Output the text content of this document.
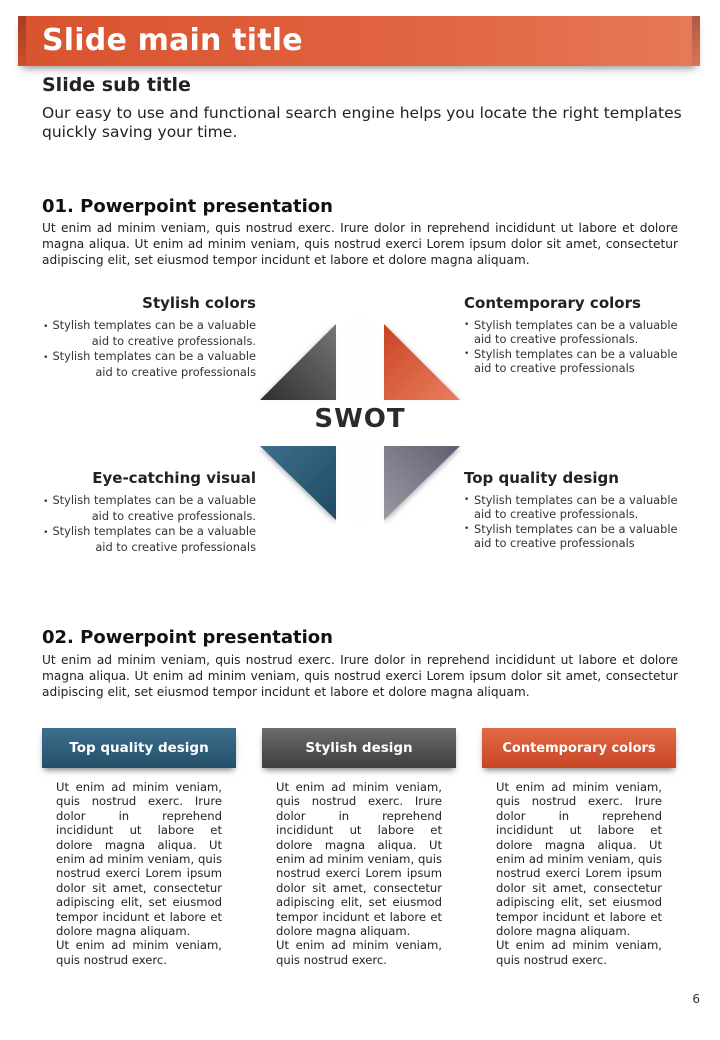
Slide main title
Slide sub title

Our easy to use and functional search engine helps you locate the right templates quickly saving your time.

01. Powerpoint presentation

Ut enim ad minim veniam, quis nostrud exerc. Irure dolor in reprehend incididunt ut labore et dolore magna aliqua. Ut enim ad minim veniam, quis nostrud exerci Lorem ipsum dolor sit amet, consectetur adipiscing elit, set eiusmod tempor incidunt et labore et dolore magna aliquam.

Stylish colors
• Stylish templates can be a valuable aid to creative professionals.
• Stylish templates can be a valuable aid to creative professionals
Contemporary colors
• Stylish templates can be a valuable aid to creative professionals.
• Stylish templates can be a valuable aid to creative professionals
Eye-catching visual
• Stylish templates can be a valuable aid to creative professionals.
• Stylish templates can be a valuable aid to creative professionals
Top quality design
• Stylish templates can be a valuable aid to creative professionals.
• Stylish templates can be a valuable aid to creative professionals
SWOT
02. Powerpoint presentation

Ut enim ad minim veniam, quis nostrud exerc. Irure dolor in reprehend incididunt ut labore et dolore magna aliqua. Ut enim ad minim veniam, quis nostrud exerci Lorem ipsum dolor sit amet, consectetur adipiscing elit, set eiusmod tempor incidunt et labore et dolore magna aliquam.

Top quality design	Stylish design	Contemporary colors

Ut enim ad minim veniam, quis nostrud exerc. Irure dolor in reprehend incididunt ut labore et dolore magna aliqua. Ut enim ad minim veniam, quis nostrud exerci Lorem ipsum dolor sit amet, consectetur adipiscing elit, set eiusmod tempor incidunt et labore et dolore magna aliquam.
Ut enim ad minim veniam, quis nostrud exerc.

Ut enim ad minim veniam, quis nostrud exerc. Irure dolor in reprehend incididunt ut labore et dolore magna aliqua. Ut enim ad minim veniam, quis nostrud exerci Lorem ipsum dolor sit amet, consectetur adipiscing elit, set eiusmod tempor incidunt et labore et dolore magna aliquam.
Ut enim ad minim veniam, quis nostrud exerc.

Ut enim ad minim veniam, quis nostrud exerc. Irure dolor in reprehend incididunt ut labore et dolore magna aliqua. Ut enim ad minim veniam, quis nostrud exerci Lorem ipsum dolor sit amet, consectetur adipiscing elit, set eiusmod tempor incidunt et labore et dolore magna aliquam.
Ut enim ad minim veniam, quis nostrud exerc.

6
